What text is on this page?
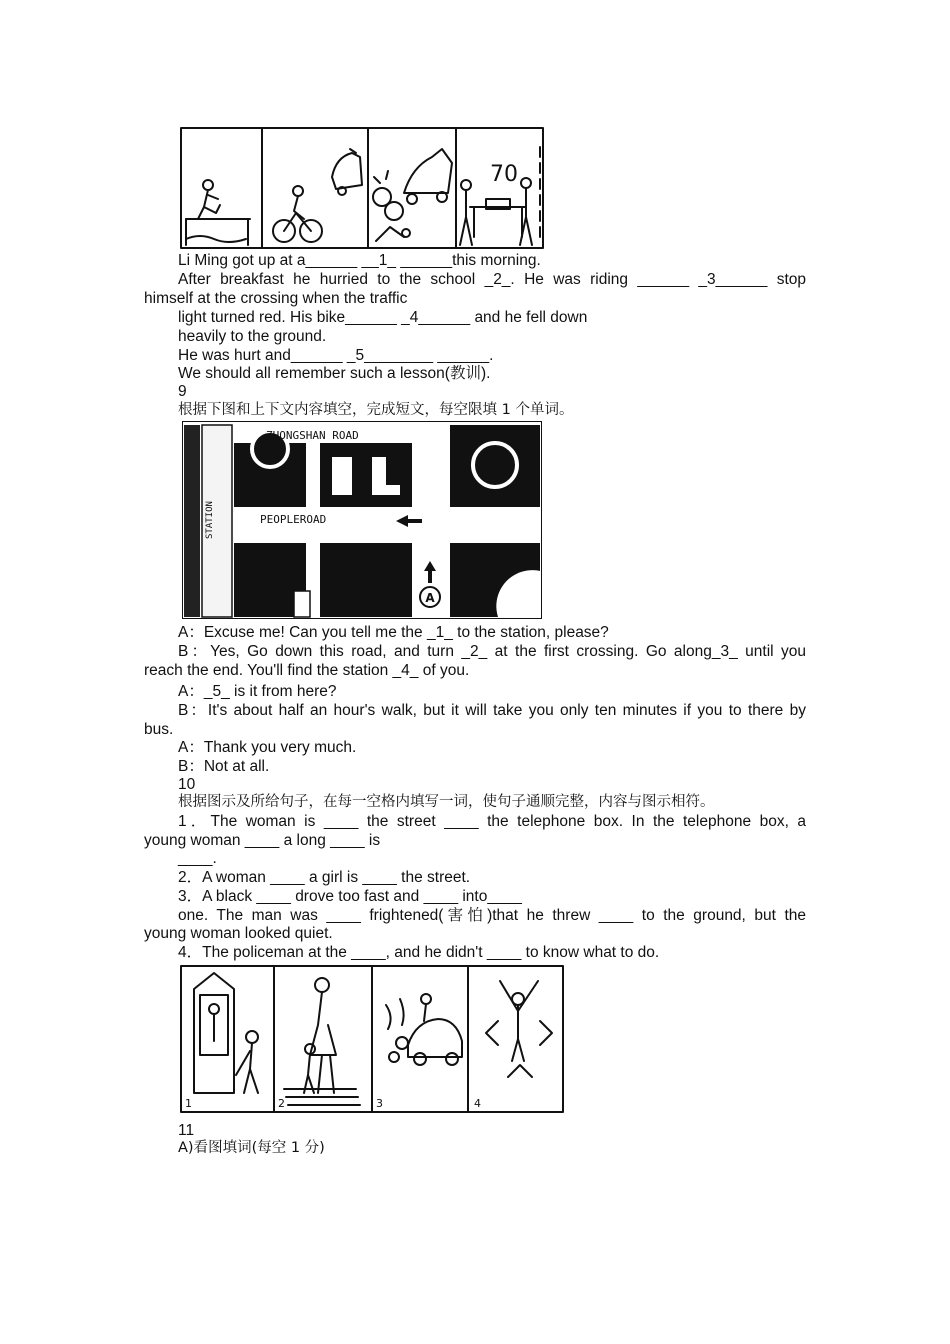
70
Li Ming got up at a______ __1_ ______this morning.
After breakfast he hurried to the school _2_. He was riding ______ _3______ stop
himself at the crossing when the traffic
light turned red. His bike______ _4______ and he fell down
heavily to the ground.
He was hurt and______ _5________ ______.
We should all remember such a lesson(教训).
9
根据下图和上下文内容填空，完成短文，每空限填 1 个单词。
A
ZHONGSHAN ROAD
PEOPLEROAD
STATION
A：Excuse me! Can you tell me the _1_ to the station, please?
B：Yes, Go down this road, and turn _2_ at the first crossing. Go along_3_ until you
reach the end. You'll find the station _4_ of you.
A：_5_ is it from here?
B：It's about half an hour's walk, but it will take you only ten minutes if you to there by
bus.
A：Thank you very much.
B：Not at all.
10
根据图示及所给句子，在每一空格内填写一词，使句子通顺完整，内容与图示相符。
1．The woman is ____ the street ____ the telephone box. In the telephone box, a
young woman ____ a long ____ is
____.
2．A woman ____ a girl is ____ the street.
3．A black ____ drove too fast and ____ into____
one. The man was ____ frightened(害怕)that he threw ____ to the ground, but the
young woman looked quiet.
4．The policeman at the ____, and he didn't ____ to know what to do.
1	2	3	4
11
A)看图填词(每空 1 分)
